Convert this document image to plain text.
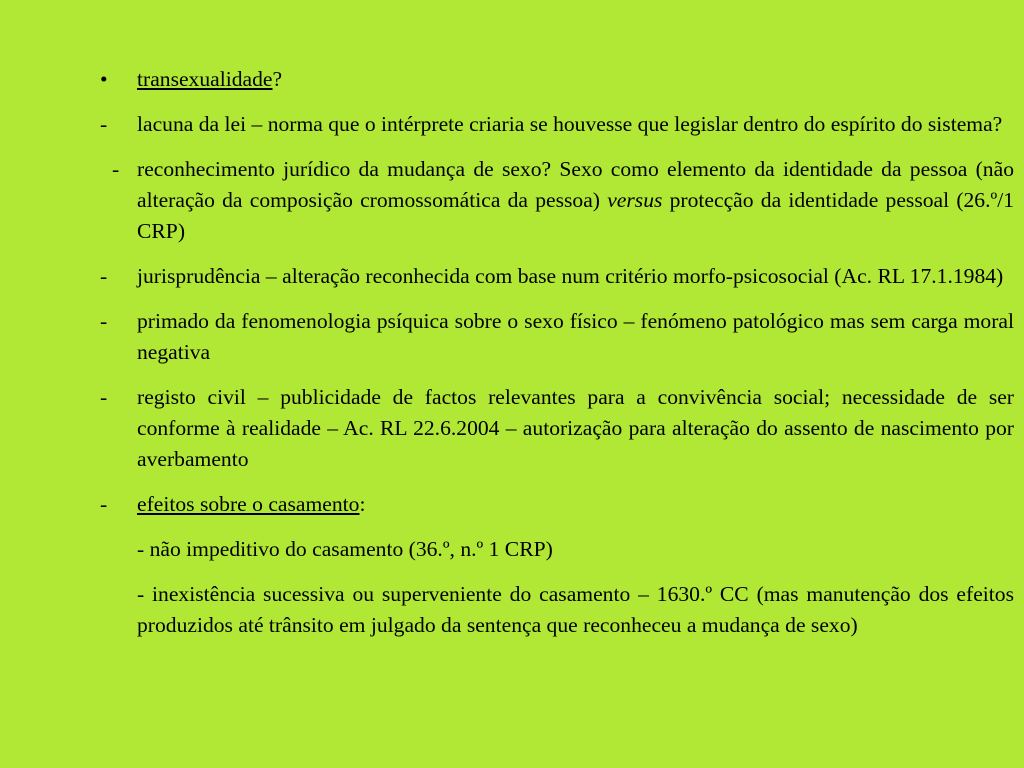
•	transexualidade?
-	lacuna da lei – norma que o intérprete criaria se houvesse que legislar dentro do espírito do sistema?
- reconhecimento jurídico da mudança de sexo? Sexo como elemento da identidade da pessoa (não alteração da composição cromossomática da pessoa) versus protecção da identidade pessoal (26.º/1 CRP)
-	jurisprudência – alteração reconhecida com base num critério morfo-psicosocial (Ac. RL 17.1.1984)
-	primado da fenomenologia psíquica sobre o sexo físico – fenómeno patológico mas sem carga moral negativa
-	registo civil – publicidade de factos relevantes para a convivência social; necessidade de ser conforme à realidade – Ac. RL 22.6.2004 – autorização para alteração do assento de nascimento por averbamento
-	efeitos sobre o casamento:
- não impeditivo do casamento (36.º, n.º 1 CRP)
- inexistência sucessiva ou superveniente do casamento – 1630.º CC (mas manutenção dos efeitos produzidos até trânsito em julgado da sentença que reconheceu a mudança de sexo)
